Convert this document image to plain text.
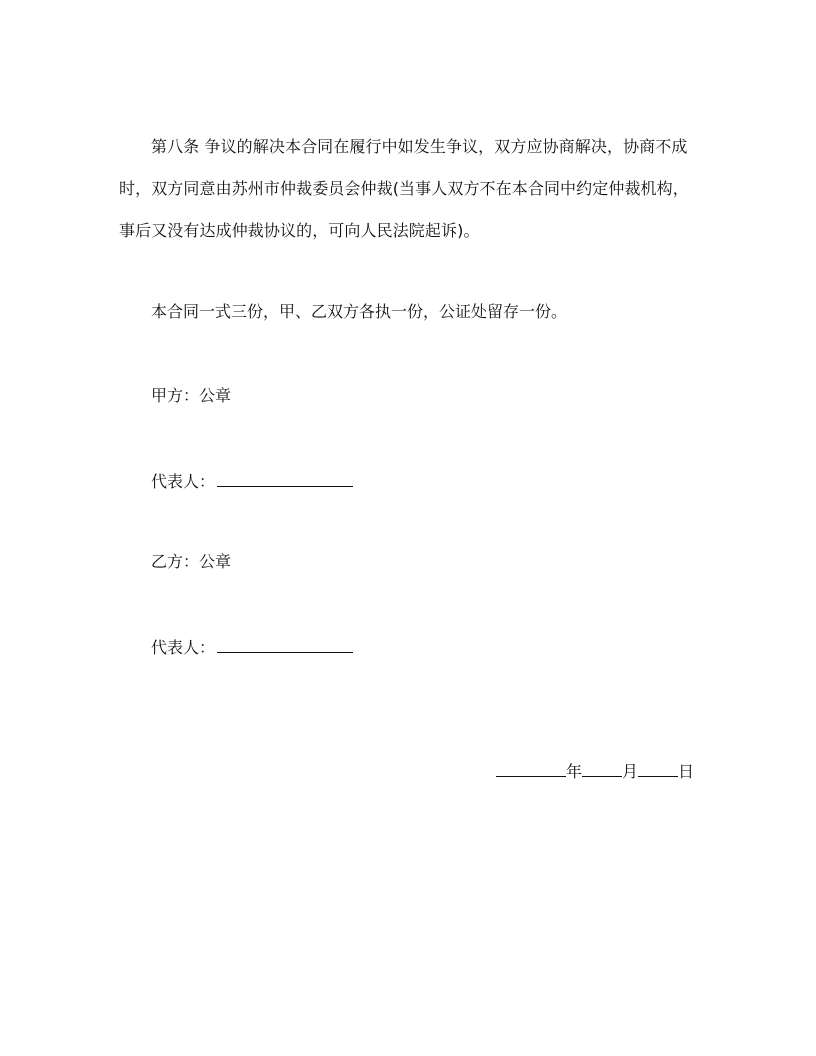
第八条 争议的解决本合同在履行中如发生争议，双方应协商解决，协商不成时，双方同意由苏州市仲裁委员会仲裁(当事人双方不在本合同中约定仲裁机构，事后又没有达成仲裁协议的，可向人民法院起诉)。

本合同一式三份，甲、乙双方各执一份，公证处留存一份。
甲方：公章
代表人：
乙方：公章
代表人：
年	月	日
